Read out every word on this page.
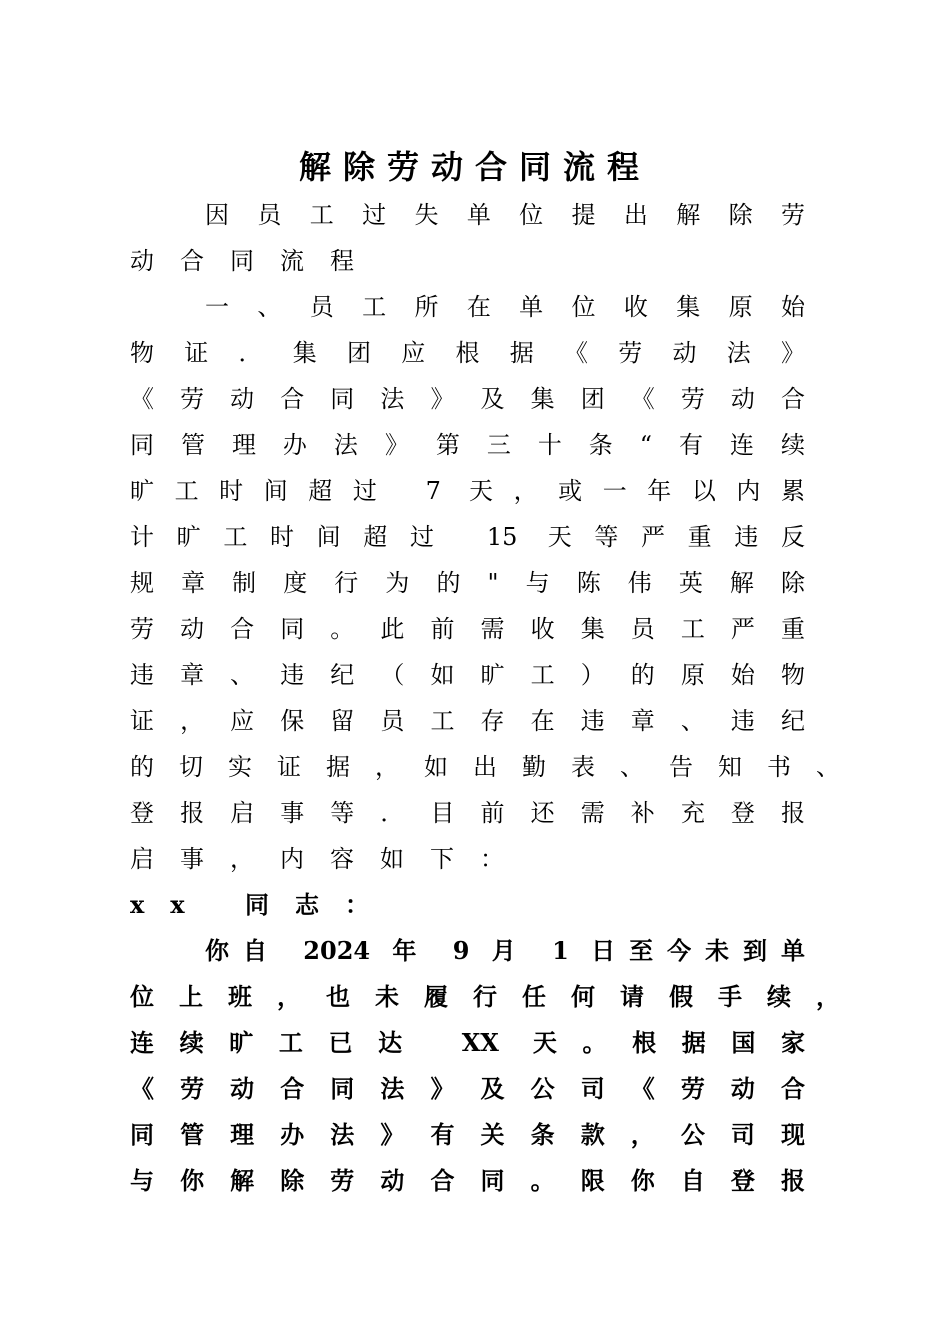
解除劳动合同流程
因员工过失单位提出解除劳
动合同流程
一、员工所在单位收集原始
物证．集团应根据《劳动法》
《劳动合同法》及集团《劳动合
同管理办法》第三十条“有连续
旷工时间超过 7 天，或一年以内累
计旷工时间超过 15 天等严重违反
规章制度行为的"与陈伟英解除
劳动合同。此前需收集员工严重
违章、违纪（如旷工）的原始物
证，应保留员工存在违章、违纪
的切实证据，如出勤表、告知书、
登报启事等．目前还需补充登报
启事，内容如下：
xx 同志：
你自 2024 年 9 月 1 日至今未到单
位上班，也未履行任何请假手续，
连续旷工已达 XX 天。根据国家
《劳动合同法》及公司《劳动合
同管理办法》有关条款，公司现
与你解除劳动合同。限你自登报
